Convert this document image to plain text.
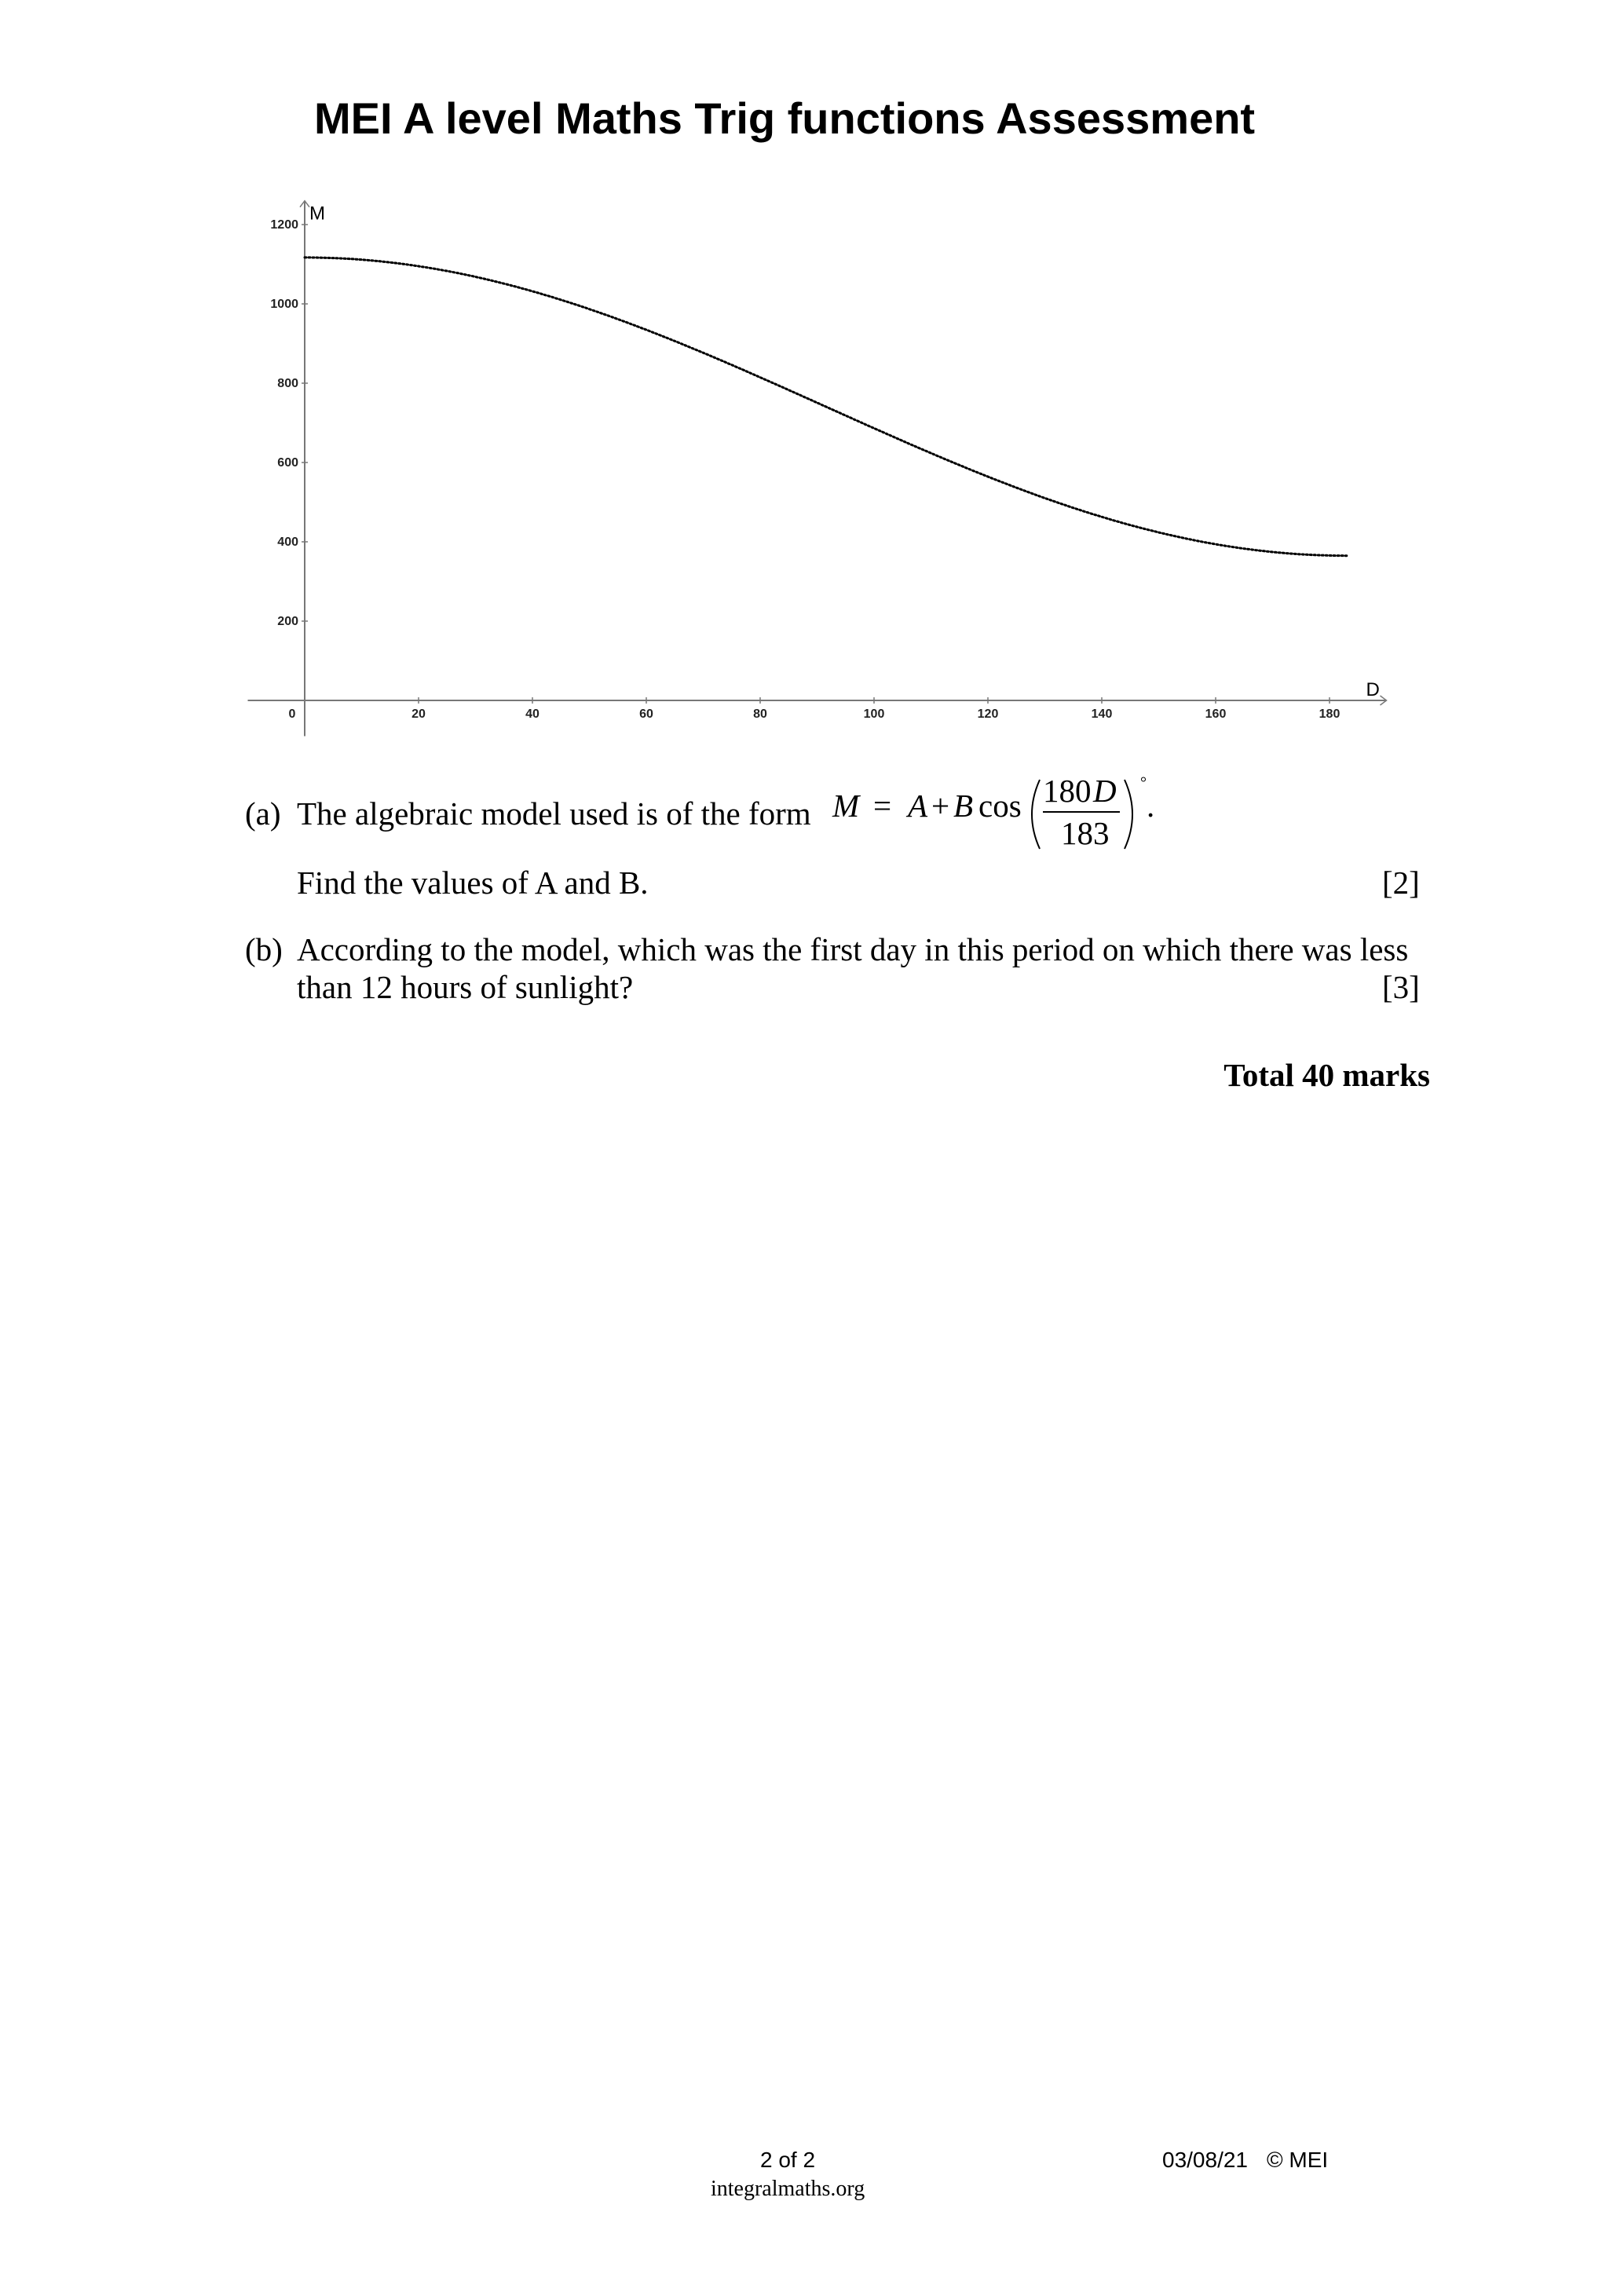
MEI A level Maths Trig functions Assessment
0	20	40	60	80	100	120	140	160	180
200
400
600
800
1000
1200
D
M
(a) The algebraic model used is of the form M = A + B cos 180 D
183
°
.
Find the values of A and B.	[2]
(b) According to the model, which was the first day in this period on which there was less
than 12 hours of sunlight?	[3]
Total 40 marks
2 of 2
integralmaths.org
03/08/21 © MEI
